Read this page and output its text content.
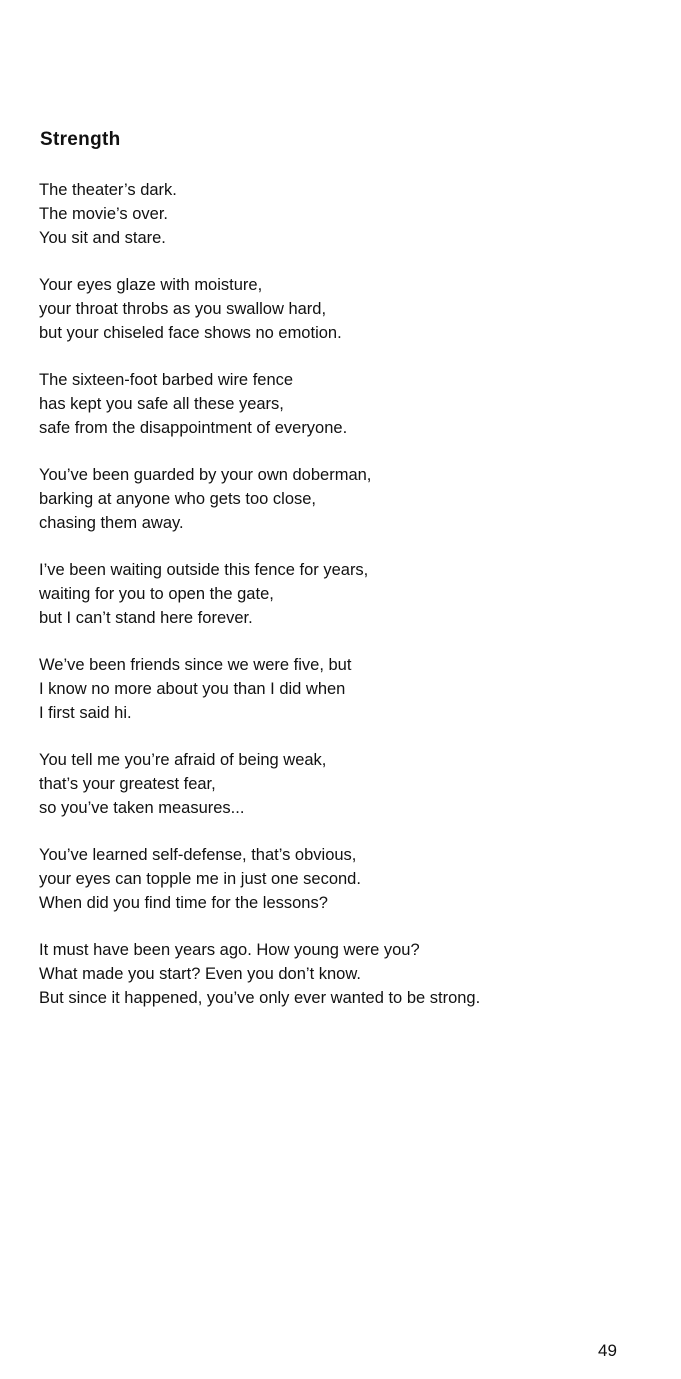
Strength
The theater’s dark.
The movie’s over.
You sit and stare.
Your eyes glaze with moisture,
your throat throbs as you swallow hard,
but your chiseled face shows no emotion.
The sixteen-foot barbed wire fence
has kept you safe all these years,
safe from the disappointment of everyone.
You’ve been guarded by your own doberman,
barking at anyone who gets too close,
chasing them away.
I’ve been waiting outside this fence for years,
waiting for you to open the gate,
but I can’t stand here forever.
We’ve been friends since we were five, but
I know no more about you than I did when
I first said hi.
You tell me you’re afraid of being weak,
that’s your greatest fear,
so you’ve taken measures...
You’ve learned self-defense, that’s obvious,
your eyes can topple me in just one second.
When did you find time for the lessons?
It must have been years ago. How young were you?
What made you start? Even you don’t know.
But since it happened, you’ve only ever wanted to be strong.

49
